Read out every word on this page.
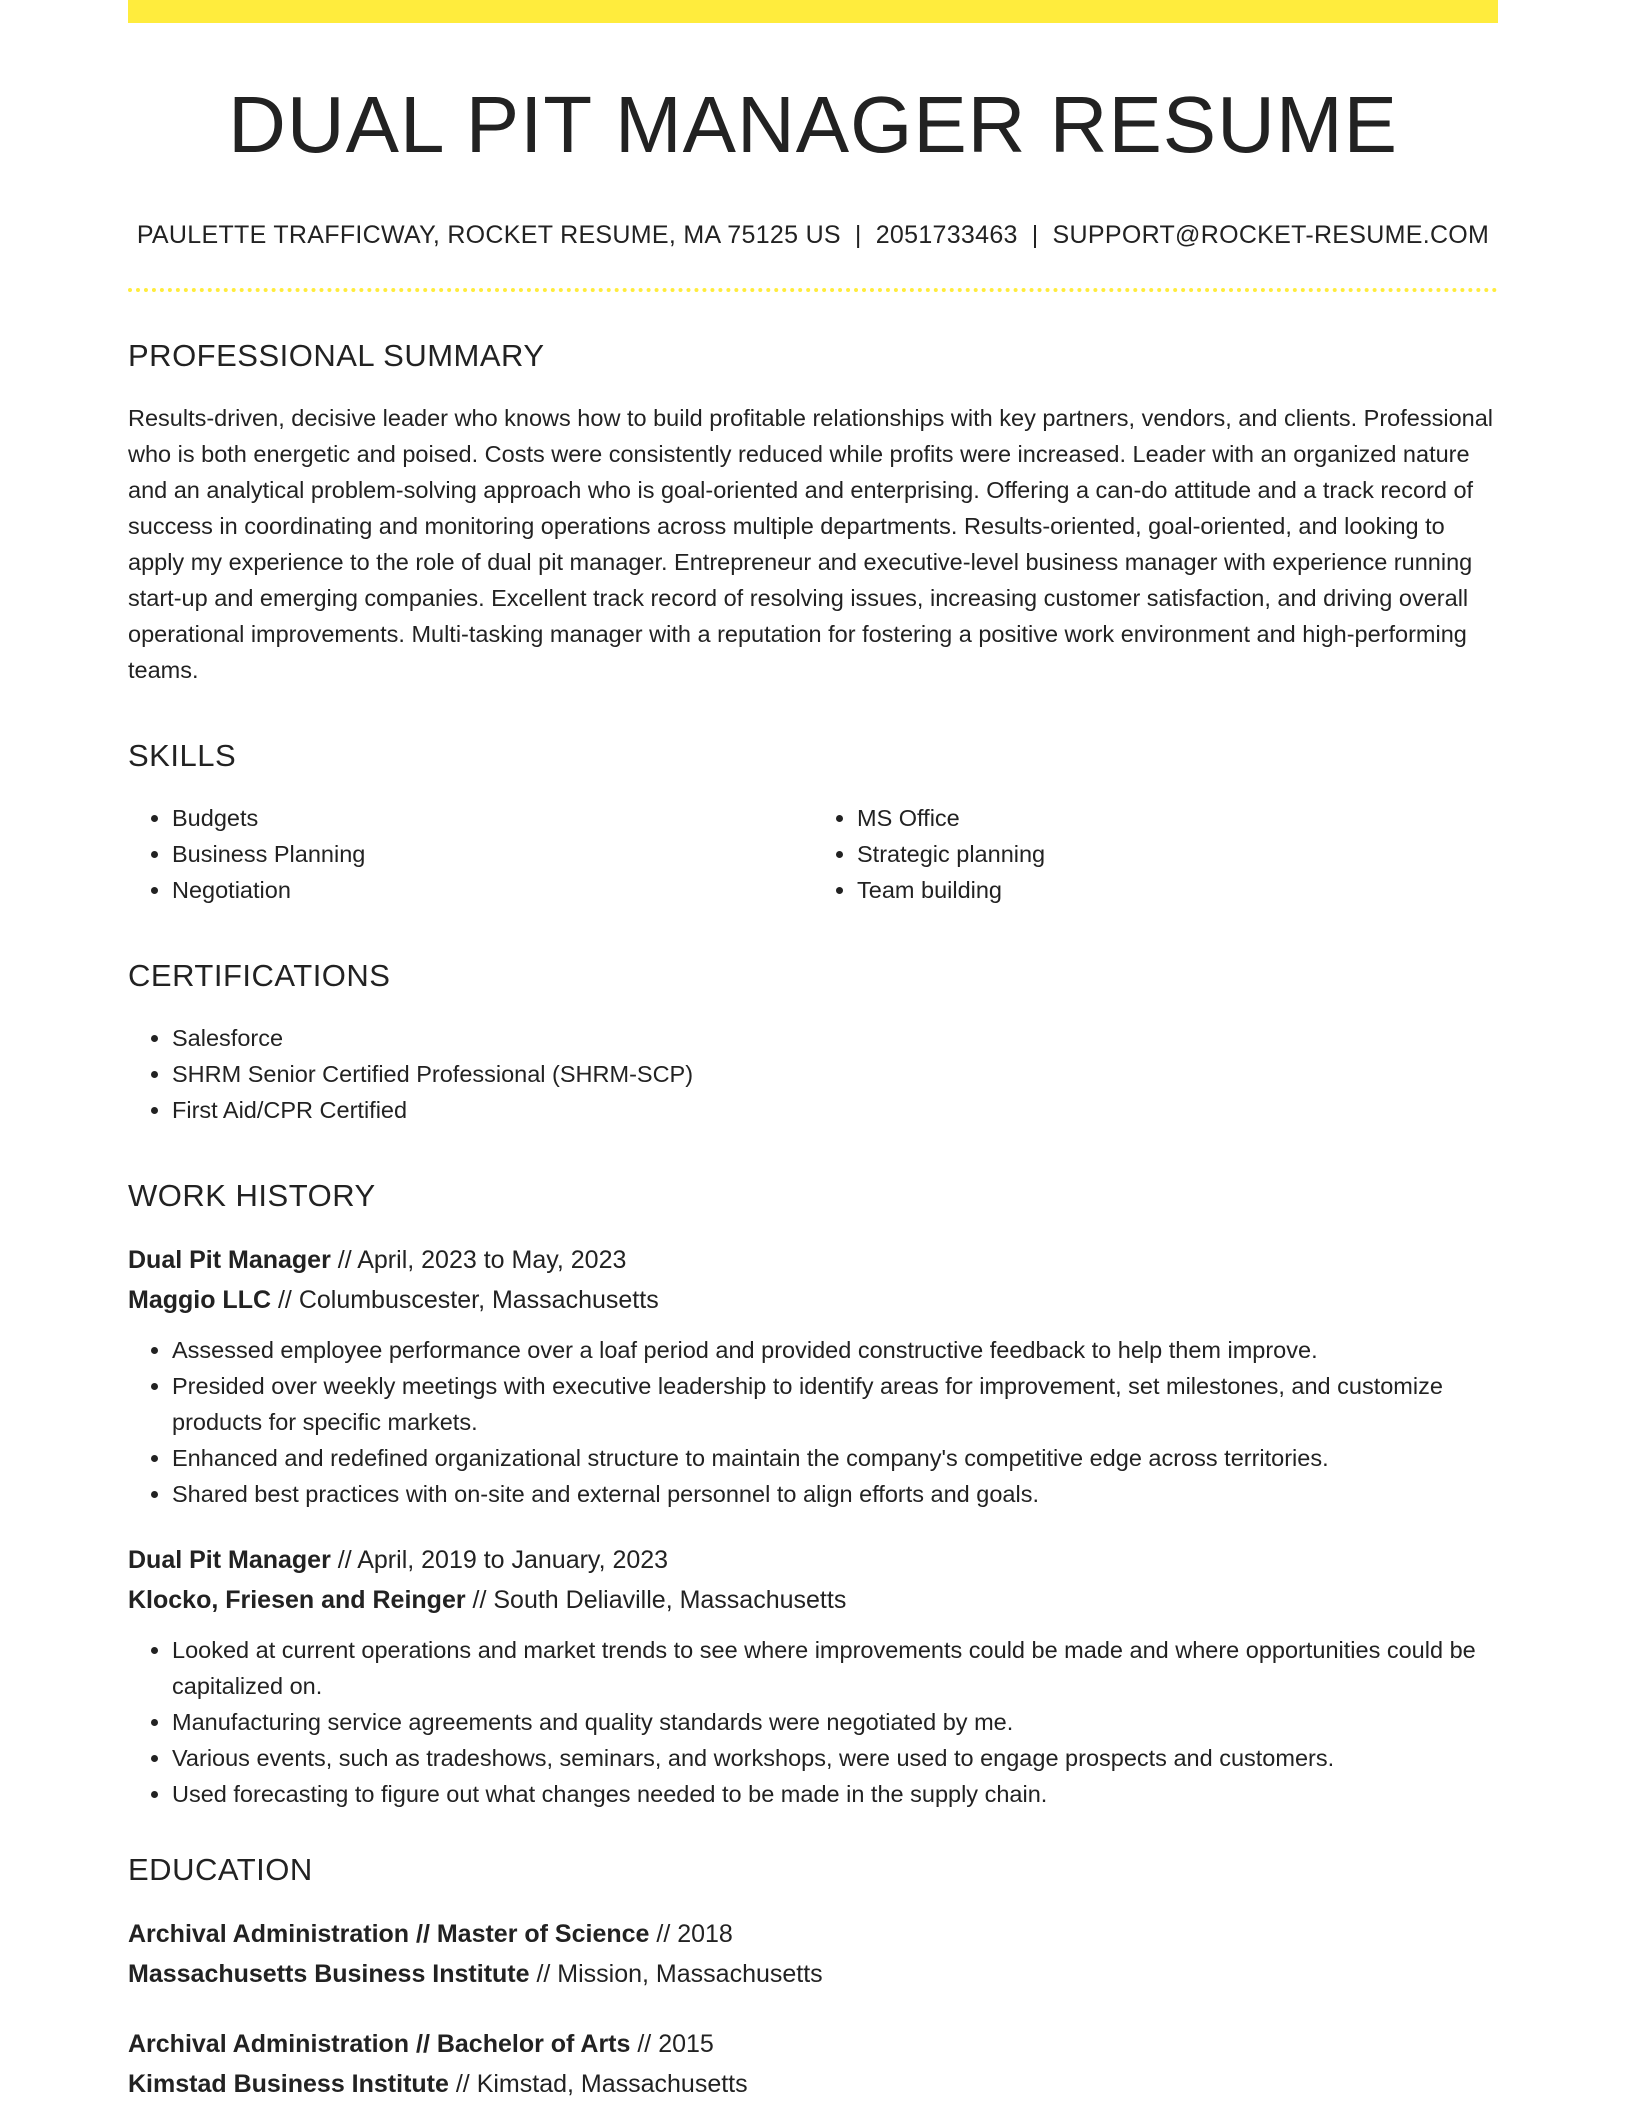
DUAL PIT MANAGER RESUME
PAULETTE TRAFFICWAY, ROCKET RESUME, MA 75125 US | 2051733463 | SUPPORT@ROCKET-RESUME.COM
PROFESSIONAL SUMMARY
Results-driven, decisive leader who knows how to build profitable relationships with key partners, vendors, and clients. Professional who is both energetic and poised. Costs were consistently reduced while profits were increased. Leader with an organized nature and an analytical problem-solving approach who is goal-oriented and enterprising. Offering a can-do attitude and a track record of success in coordinating and monitoring operations across multiple departments. Results-oriented, goal-oriented, and looking to apply my experience to the role of dual pit manager. Entrepreneur and executive-level business manager with experience running start-up and emerging companies. Excellent track record of resolving issues, increasing customer satisfaction, and driving overall operational improvements. Multi-tasking manager with a reputation for fostering a positive work environment and high-performing teams.
SKILLS
• Budgets
• Business Planning
• Negotiation
• MS Office
• Strategic planning
• Team building
CERTIFICATIONS
• Salesforce
• SHRM Senior Certified Professional (SHRM-SCP)
• First Aid/CPR Certified
WORK HISTORY
Dual Pit Manager // April, 2023 to May, 2023
Maggio LLC // Columbuscester, Massachusetts
• Assessed employee performance over a loaf period and provided constructive feedback to help them improve.
• Presided over weekly meetings with executive leadership to identify areas for improvement, set milestones, and customize products for specific markets.
• Enhanced and redefined organizational structure to maintain the company's competitive edge across territories.
• Shared best practices with on-site and external personnel to align efforts and goals.
Dual Pit Manager // April, 2019 to January, 2023
Klocko, Friesen and Reinger // South Deliaville, Massachusetts
• Looked at current operations and market trends to see where improvements could be made and where opportunities could be capitalized on.
• Manufacturing service agreements and quality standards were negotiated by me.
• Various events, such as tradeshows, seminars, and workshops, were used to engage prospects and customers.
• Used forecasting to figure out what changes needed to be made in the supply chain.
EDUCATION
Archival Administration // Master of Science // 2018
Massachusetts Business Institute // Mission, Massachusetts
Archival Administration // Bachelor of Arts // 2015
Kimstad Business Institute // Kimstad, Massachusetts
